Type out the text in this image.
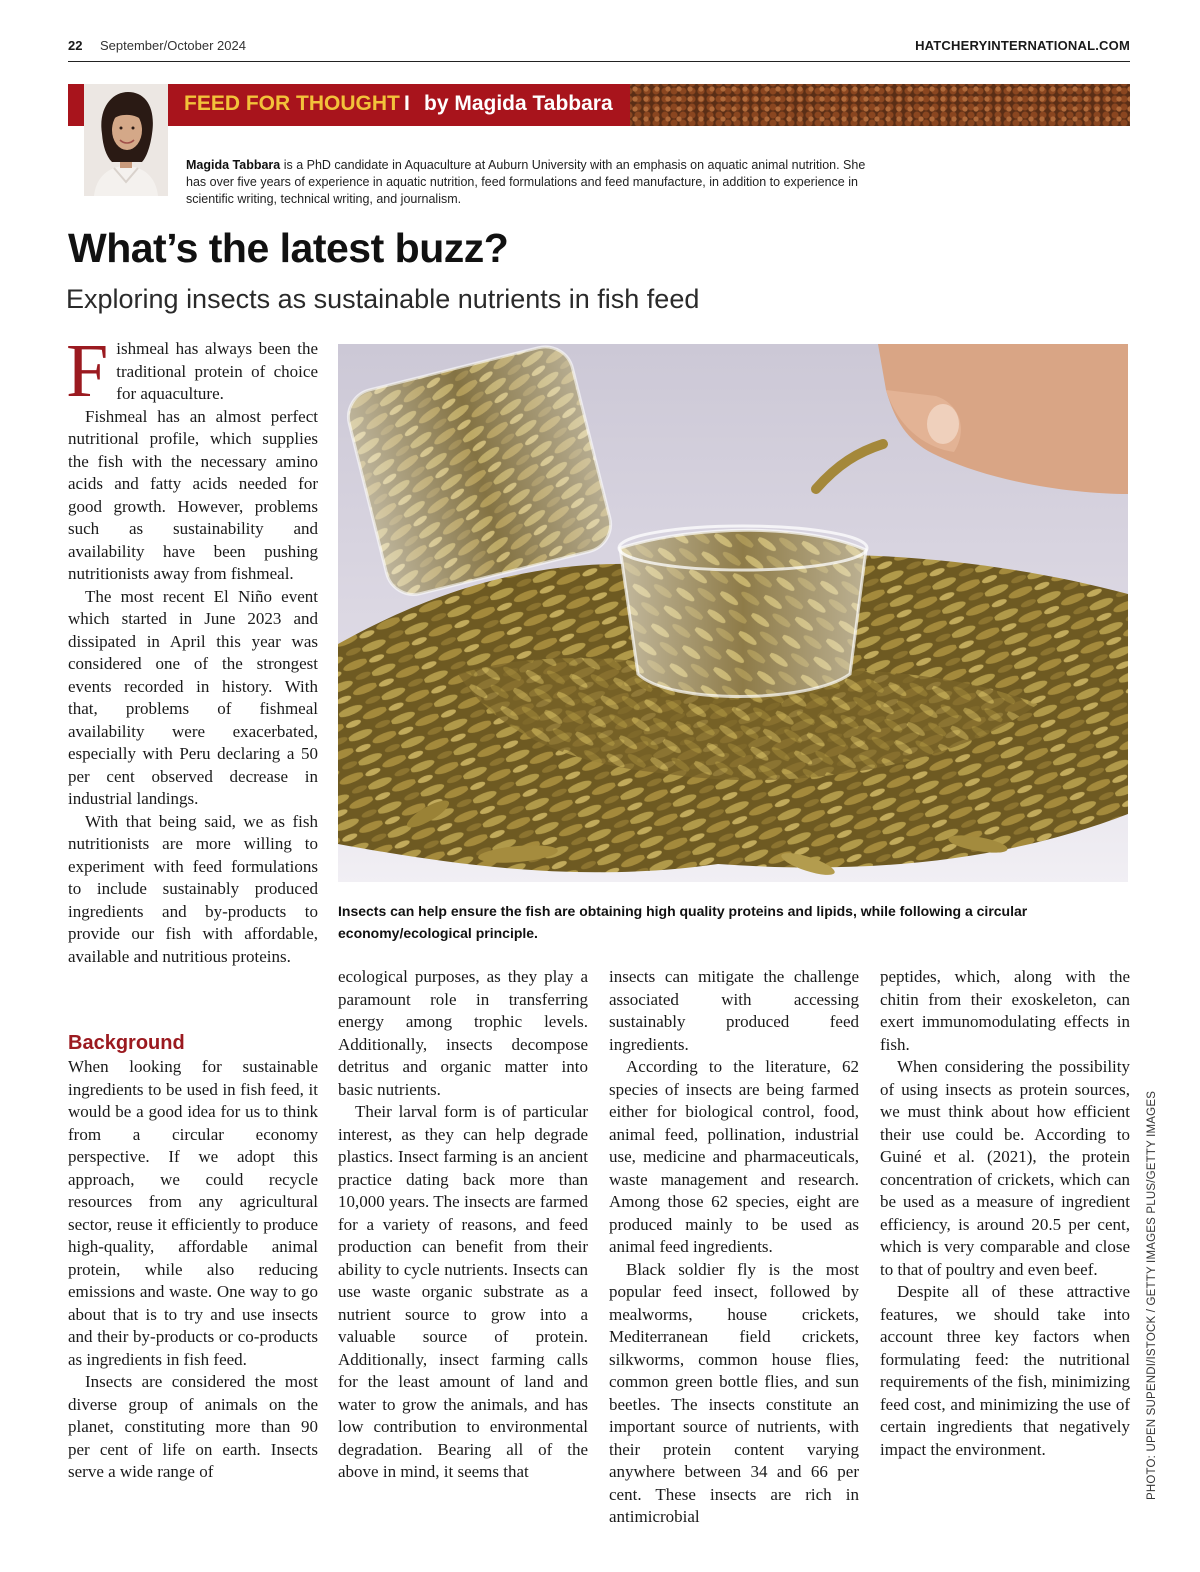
22 September/October 2024	HATCHERYINTERNATIONAL.COM
FEED FOR THOUGHT I by Magida Tabbara

Magida Tabbara is a PhD candidate in Aquaculture at Auburn University with an emphasis on aquatic animal nutrition. She has over five years of experience in aquatic nutrition, feed formulations and feed manufacture, in addition to experience in scientific writing, technical writing, and journalism.

What’s the latest buzz?
Exploring insects as sustainable nutrients in fish feed
F ishmeal has always been the traditional protein of choice for aquaculture.

Fishmeal has an almost perfect nutritional profile, which supplies the fish with the necessary amino acids and fatty acids needed for good growth. However, problems such as sustainability and availability have been pushing nutritionists away from fishmeal.

The most recent El Niño event which started in June 2023 and dissipated in April this year was considered one of the strongest events recorded in history. With that, problems of fishmeal availability were exacerbated, especially with Peru declaring a 50 per cent observed decrease in industrial landings.

With that being said, we as fish nutritionists are more willing to experiment with feed formulations to include sustainably produced ingredients and by-products to provide our fish with affordable, available and nutritious proteins.

Background

When looking for sustainable ingredients to be used in fish feed, it would be a good idea for us to think from a circular economy perspective. If we adopt this approach, we could recycle resources from any agricultural sector, reuse it efficiently to produce high-quality, affordable animal protein, while also reducing emissions and waste. One way to go about that is to try and use insects and their by-products or co-products as ingredients in fish feed.

Insects are considered the most diverse group of animals on the planet, constituting more than 90 per cent of life on earth. Insects serve a wide range of

Insects can help ensure the fish are obtaining high quality proteins and lipids, while following a circular economy/ecological principle.

PHOTO: UPEN SUPENDI/ISTOCK / GETTY IMAGES PLUS/GETTY IMAGES

ecological purposes, as they play a paramount role in transferring energy among trophic levels. Additionally, insects decompose detritus and organic matter into basic nutrients.

Their larval form is of particular interest, as they can help degrade plastics. Insect farming is an ancient practice dating back more than 10,000 years. The insects are farmed for a variety of reasons, and feed production can benefit from their ability to cycle nutrients. Insects can use waste organic substrate as a nutrient source to grow into a valuable source of protein. Additionally, insect farming calls for the least amount of land and water to grow the animals, and has low contribution to environmental degradation. Bearing all of the above in mind, it seems that

insects can mitigate the challenge associated with accessing sustainably produced feed ingredients.

According to the literature, 62 species of insects are being farmed either for biological control, food, animal feed, pollination, industrial use, medicine and pharmaceuticals, waste management and research. Among those 62 species, eight are produced mainly to be used as animal feed ingredients.

Black soldier fly is the most popular feed insect, followed by mealworms, house crickets, Mediterranean field crickets, silkworms, common house flies, common green bottle flies, and sun beetles. The insects constitute an important source of nutrients, with their protein content varying anywhere between 34 and 66 per cent. These insects are rich in antimicrobial

peptides, which, along with the chitin from their exoskeleton, can exert immunomodulating effects in fish.

When considering the possibility of using insects as protein sources, we must think about how efficient their use could be. According to Guiné et al. (2021), the protein concentration of crickets, which can be used as a measure of ingredient efficiency, is around 20.5 per cent, which is very comparable and close to that of poultry and even beef.

Despite all of these attractive features, we should take into account three key factors when formulating feed: the nutritional requirements of the fish, minimizing feed cost, and minimizing the use of certain ingredients that negatively impact the environment.
